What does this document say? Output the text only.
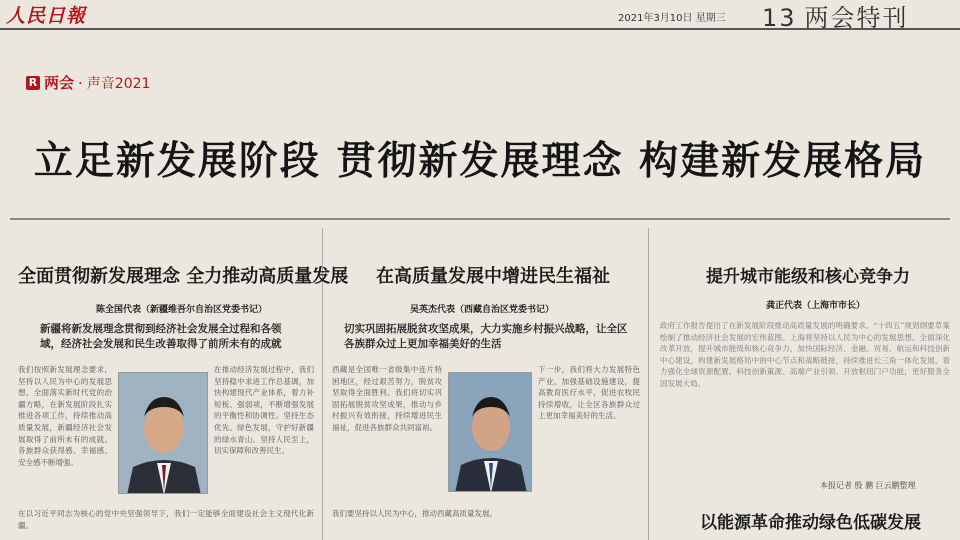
人民日報	2021年3月10日 星期三 13 两会特刊
R 两会 · 声音2021
立足新发展阶段 贯彻新发展理念 构建新发展格局
全面贯彻新发展理念 全力推动高质量发展
陈全国代表（新疆维吾尔自治区党委书记）
新疆将新发展理念贯彻到经济社会发展全过程和各领域，经济社会发展和民生改善取得了前所未有的成就
我们按照新发展理念要求，坚持以人民为中心的发展思想，全面落实新时代党的治疆方略，在新发展阶段扎实推进各项工作，持续推动高质量发展，新疆经济社会发展取得了前所未有的成就。各族群众获得感、幸福感、安全感不断增强。
在推动经济发展过程中，我们坚持稳中求进工作总基调，加快构建现代产业体系，着力补短板、强弱项，不断增强发展的平衡性和协调性。坚持生态优先、绿色发展，守护好新疆的绿水青山。坚持人民至上，切实保障和改善民生。
在以习近平同志为核心的党中央坚强领导下，我们一定能够全面建设社会主义现代化新疆。
在高质量发展中增进民生福祉
吴英杰代表（西藏自治区党委书记）
切实巩固拓展脱贫攻坚成果，大力实施乡村振兴战略，让全区各族群众过上更加幸福美好的生活
西藏是全国唯一省级集中连片特困地区，经过艰苦努力，脱贫攻坚取得全面胜利。我们将切实巩固拓展脱贫攻坚成果，推动与乡村振兴有效衔接，持续增进民生福祉，促进各族群众共同富裕。
下一步，我们将大力发展特色产业，加强基础设施建设，提高教育医疗水平，促进农牧民持续增收，让全区各族群众过上更加幸福美好的生活。
我们要坚持以人民为中心，推动西藏高质量发展。
提升城市能级和核心竞争力
龚正代表（上海市市长）
政府工作报告提出了在新发展阶段推动高质量发展的明确要求。“十四五”规划纲要草案绘制了推动经济社会发展的宏伟蓝图。上海将坚持以人民为中心的发展思想，全面深化改革开放，提升城市能级和核心竞争力，加快国际经济、金融、贸易、航运和科技创新中心建设，构建新发展格局中的中心节点和战略链接，持续推进长三角一体化发展，着力强化全球资源配置、科技创新策源、高端产业引领、开放枢纽门户功能，更好服务全国发展大局。
本报记者 殷 鹏 巨云鹏整理
以能源革命推动绿色低碳发展
